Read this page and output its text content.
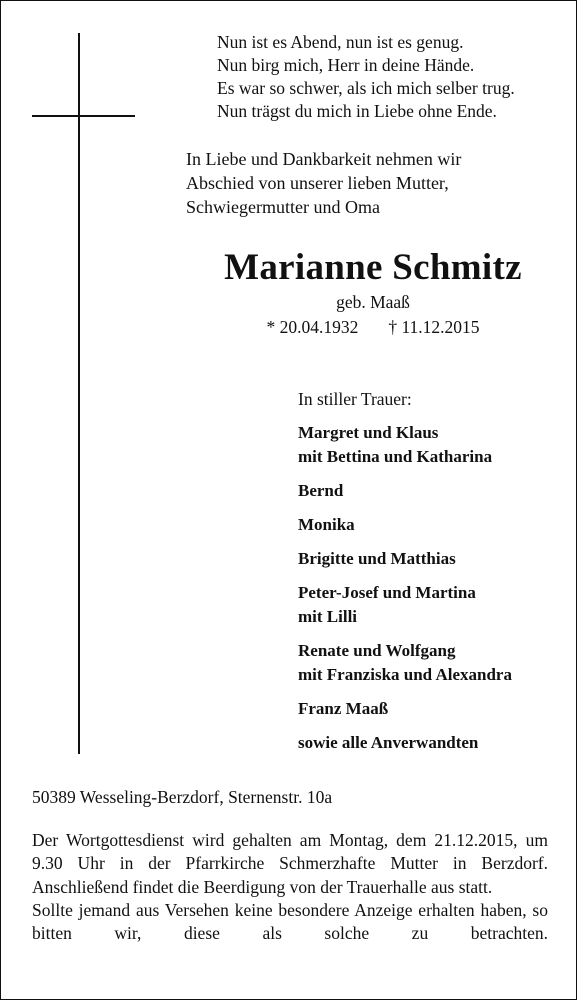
Nun ist es Abend, nun ist es genug.
Nun birg mich, Herr in deine Hände.
Es war so schwer, als ich mich selber trug.
Nun trägst du mich in Liebe ohne Ende.
In Liebe und Dankbarkeit nehmen wir
Abschied von unserer lieben Mutter,
Schwiegermutter und Oma
Marianne Schmitz
geb. Maaß
* 20.04.1932 † 11.12.2015
In stiller Trauer:
Margret und Klaus
mit Bettina und Katharina
Bernd
Monika
Brigitte und Matthias
Peter-Josef und Martina
mit Lilli
Renate und Wolfgang
mit Franziska und Alexandra
Franz Maaß
sowie alle Anverwandten
50389 Wesseling-Berzdorf, Sternenstr. 10a

Der Wortgottesdienst wird gehalten am Montag, dem 21.12.2015, um 9.30 Uhr in der Pfarrkirche Schmerzhafte Mutter in Berzdorf. Anschließend findet die Beerdigung von der Trauerhalle aus statt.

Sollte jemand aus Versehen keine besondere Anzeige erhalten haben, so bitten wir, diese als solche zu betrachten.
